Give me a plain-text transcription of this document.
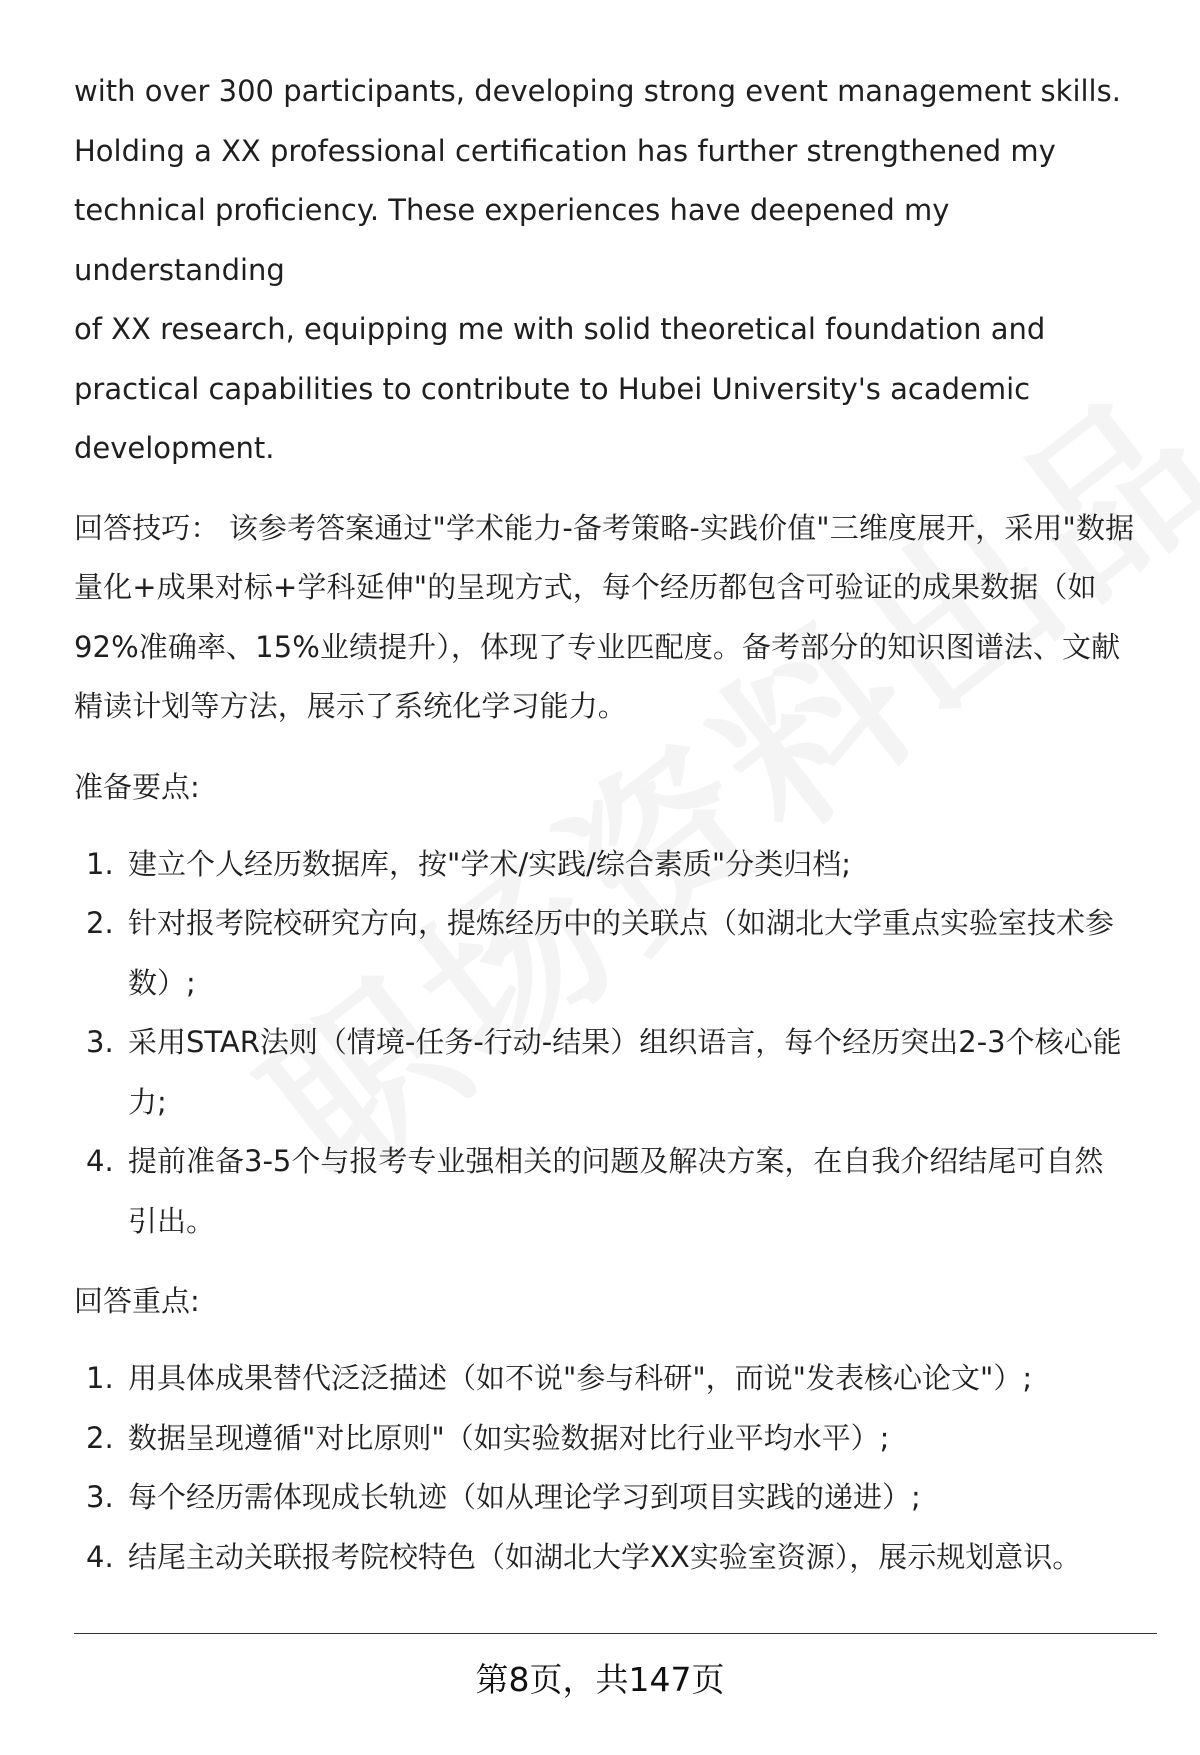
with over 300 participants, developing strong event management skills.

Holding a XX professional certification has further strengthened my

technical proficiency. These experiences have deepened my understanding

of XX research, equipping me with solid theoretical foundation and

practical capabilities to contribute to Hubei University's academic

development.

回答技巧： 该参考答案通过"学术能力-备考策略-实践价值"三维度展开，采用"数据

量化+成果对标+学科延伸"的呈现方式，每个经历都包含可验证的成果数据（如

92%准确率、15%业绩提升），体现了专业匹配度。备考部分的知识图谱法、文献

精读计划等方法，展示了系统化学习能力。

准备要点:

1. 建立个人经历数据库，按"学术/实践/综合素质"分类归档;
2. 针对报考院校研究方向，提炼经历中的关联点（如湖北大学重点实验室技术参
数）;
3. 采用STAR法则（情境-任务-行动-结果）组织语言，每个经历突出2-3个核心能
力;
4. 提前准备3-5个与报考专业强相关的问题及解决方案，在自我介绍结尾可自然
引出。

回答重点:

1. 用具体成果替代泛泛描述（如不说"参与科研"，而说"发表核心论文"）;
2. 数据呈现遵循"对比原则"（如实验数据对比行业平均水平）;
3. 每个经历需体现成长轨迹（如从理论学习到项目实践的递进）;
4. 结尾主动关联报考院校特色（如湖北大学XX实验室资源），展示规划意识。
第8页，共147页
